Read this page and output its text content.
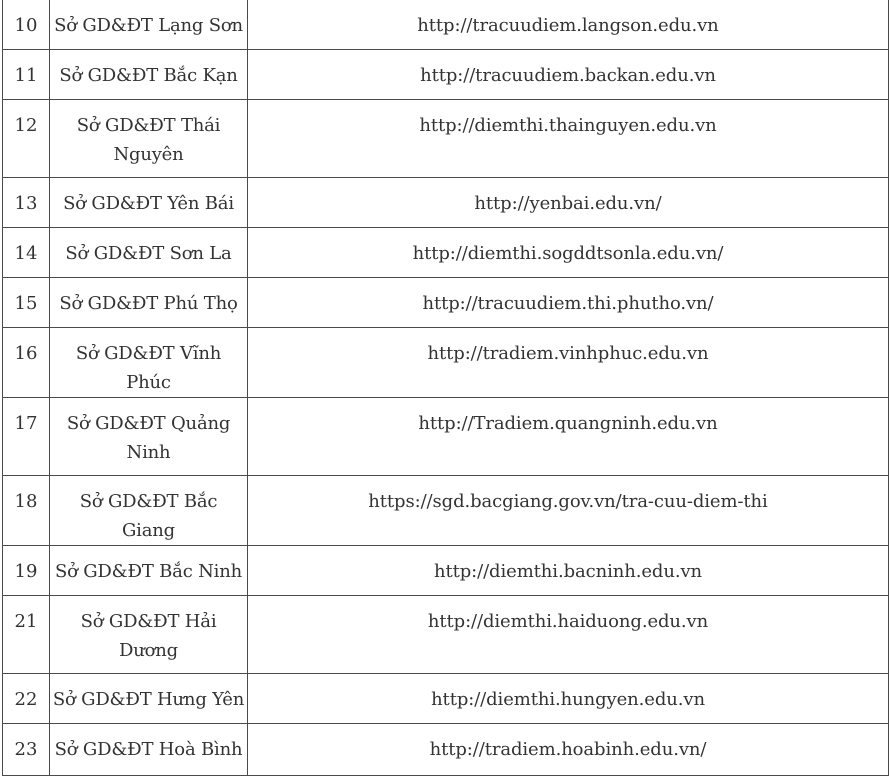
10	Sở GD&ĐT Lạng Sơn	http://tracuudiem.langson.edu.vn
11	Sở GD&ĐT Bắc Kạn	http://tracuudiem.backan.edu.vn
12	Sở GD&ĐT Thái Nguyên	http://diemthi.thainguyen.edu.vn
13	Sở GD&ĐT Yên Bái	http://yenbai.edu.vn/
14	Sở GD&ĐT Sơn La	http://diemthi.sogddtsonla.edu.vn/
15	Sở GD&ĐT Phú Thọ	http://tracuudiem.thi.phutho.vn/
16	Sở GD&ĐT Vĩnh Phúc	http://tradiem.vinhphuc.edu.vn
17	Sở GD&ĐT Quảng Ninh	http://Tradiem.quangninh.edu.vn
18	Sở GD&ĐT Bắc Giang	https://sgd.bacgiang.gov.vn/tra-cuu-diem-thi
19	Sở GD&ĐT Bắc Ninh	http://diemthi.bacninh.edu.vn
21	Sở GD&ĐT Hải Dương	http://diemthi.haiduong.edu.vn
22	Sở GD&ĐT Hưng Yên	http://diemthi.hungyen.edu.vn
23	Sở GD&ĐT Hoà Bình	http://tradiem.hoabinh.edu.vn/
